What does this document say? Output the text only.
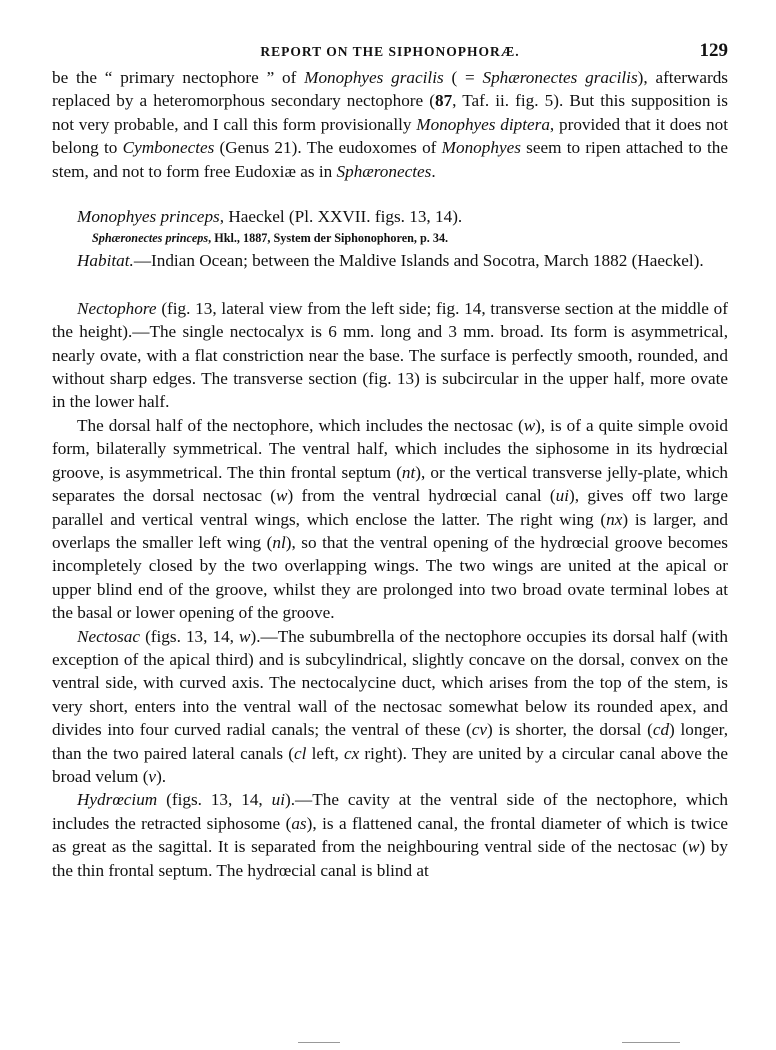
REPORT ON THE SIPHONOPHORÆ.	129

be the “ primary nectophore ” of Monophyes gracilis ( = Sphæronectes gracilis), afterwards replaced by a heteromorphous secondary nectophore (87, Taf. ii. fig. 5). But this supposition is not very probable, and I call this form provisionally Monophyes diptera, provided that it does not belong to Cymbonectes (Genus 21). The eudoxomes of Monophyes seem to ripen attached to the stem, and not to form free Eudoxiæ as in Sphæronectes.

Monophyes princeps, Haeckel (Pl. XXVII. figs. 13, 14).
Sphæronectes princeps, Hkl., 1887, System der Siphonophoren, p. 34.

Habitat.—Indian Ocean; between the Maldive Islands and Socotra, March 1882 (Haeckel).

Nectophore (fig. 13, lateral view from the left side; fig. 14, transverse section at the middle of the height).—The single nectocalyx is 6 mm. long and 3 mm. broad. Its form is asymmetrical, nearly ovate, with a flat constriction near the base. The surface is perfectly smooth, rounded, and without sharp edges. The transverse section (fig. 13) is subcircular in the upper half, more ovate in the lower half.

The dorsal half of the nectophore, which includes the nectosac (w), is of a quite simple ovoid form, bilaterally symmetrical. The ventral half, which includes the siphosome in its hydrœcial groove, is asymmetrical. The thin frontal septum (nt), or the vertical transverse jelly-plate, which separates the dorsal nectosac (w) from the ventral hydrœcial canal (ui), gives off two large parallel and vertical ventral wings, which enclose the latter. The right wing (nx) is larger, and overlaps the smaller left wing (nl), so that the ventral opening of the hydrœcial groove becomes incompletely closed by the two overlapping wings. The two wings are united at the apical or upper blind end of the groove, whilst they are prolonged into two broad ovate terminal lobes at the basal or lower opening of the groove.

Nectosac (figs. 13, 14, w).—The subumbrella of the nectophore occupies its dorsal half (with exception of the apical third) and is subcylindrical, slightly concave on the dorsal, convex on the ventral side, with curved axis. The nectocalycine duct, which arises from the top of the stem, is very short, enters into the ventral wall of the nectosac somewhat below its rounded apex, and divides into four curved radial canals; the ventral of these (cv) is shorter, the dorsal (cd) longer, than the two paired lateral canals (cl left, cx right). They are united by a circular canal above the broad velum (v).

Hydrœcium (figs. 13, 14, ui).—The cavity at the ventral side of the nectophore, which includes the retracted siphosome (as), is a flattened canal, the frontal diameter of which is twice as great as the sagittal. It is separated from the neighbouring ventral side of the nectosac (w) by the thin frontal septum. The hydrœcial canal is blind at
